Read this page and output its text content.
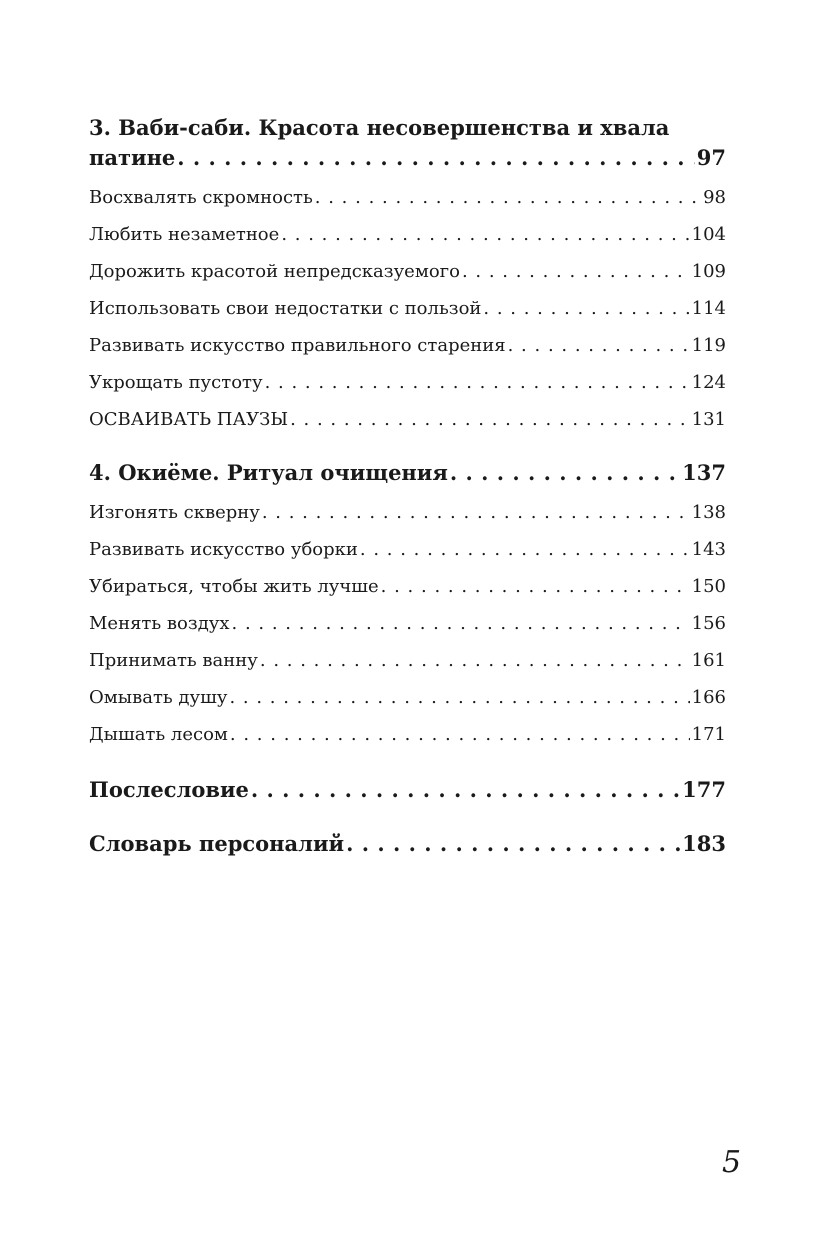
3. Ваби-саби. Красота несовершенства и хвала
патине . . .	97
Восхвалять скромность . . .	98
Любить незаметное . . .	104
Дорожить красотой непредсказуемого . . .	109
Использовать свои недостатки с пользой . . .	114
Развивать искусство правильного старения . . .	119
Укрощать пустоту . . .	124
ОСВАИВАТЬ ПАУЗЫ . . .	131
4. Окиёме. Ритуал очищения . . .	137
Изгонять скверну . . .	138
Развивать искусство уборки . . .	143
Убираться, чтобы жить лучше . . .	150
Менять воздух . . .	156
Принимать ванну . . .	161
Омывать душу . . .	166
Дышать лесом . . .	171
Послесловие . . .	177
Словарь персоналий . . .	183
5
